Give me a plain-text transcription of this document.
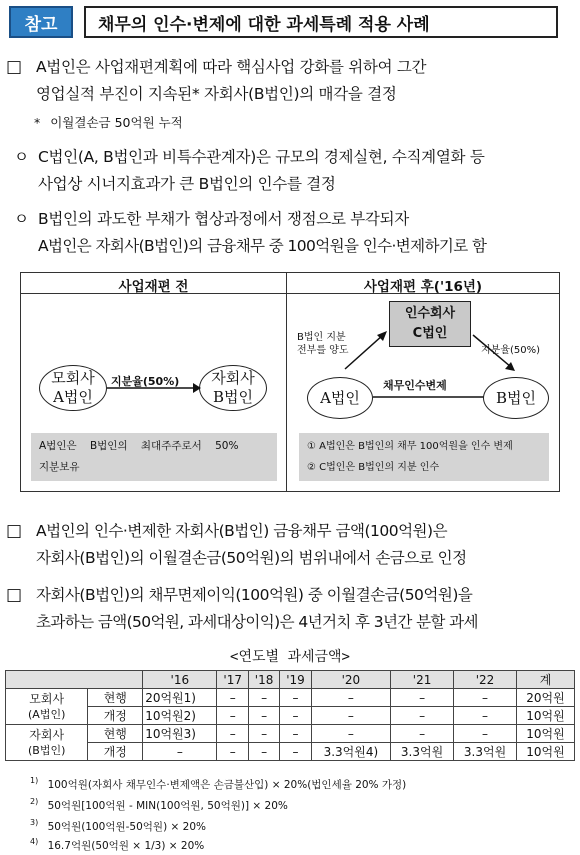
참고	채무의 인수·변제에 대한 과세특례 적용 사례
□ A법인은 사업재편계획에 따라 핵심사업 강화를 위하여 그간
영업실적 부진이 지속된* 자회사(B법인)의 매각을 결정
* 이월결손금 50억원 누적
ㅇ C법인(A, B법인과 비특수관계자)은 규모의 경제실현, 수직계열화 등
사업상 시너지효과가 큰 B법인의 인수를 결정
ㅇ B법인의 과도한 부채가 협상과정에서 쟁점으로 부각되자
A법인은 자회사(B법인)의 금융채무 중 100억원을 인수·변제하기로 함
사업재편 전	사업재편 후('16년)
모회사
A법인
자회사
B법인
지분율(50%)
A법인은 B법인의 최대주주로서 50%
지분보유
인수회사
C법인
B법인 지분
전부를 양도	지분율(50%)
A법인	B법인
채무인수변제
① A법인은 B법인의 채무 100억원을 인수 변제
② C법인은 B법인의 지분 인수
□ A법인의 인수·변제한 자회사(B법인) 금융채무 금액(100억원)은
자회사(B법인)의 이월결손금(50억원)의 범위내에서 손금으로 인정
□ 자회사(B법인)의 채무면제이익(100억원) 중 이월결손금(50억원)을
초과하는 금액(50억원, 과세대상이익)은 4년거치 후 3년간 분할 과세
<연도별 과세금액>
		'16	'17	'18	'19	'20	'21	'22	계

모회사
(A법인)	현행	20억원1)	–	–	–	–	–	–	20억원
	개정	10억원2)	–	–	–	–	–	–	10억원

자회사
(B법인)	현행	10억원3)	–	–	–	–	–	–	10억원
	개정	–	–	–	–	3.3억원4)	3.3억원	3.3억원	10억원
$^{1)}$ 100억원(자회사 채무인수·변제액은 손금불산입) × 20%(법인세율 20% 가정)
$^{2)}$ 50억원[100억원 - MIN(100억원, 50억원)] × 20%
$^{3)}$ 50억원(100억원-50억원) × 20%
$^{4)}$ 16.7억원(50억원 × 1/3) × 20%
